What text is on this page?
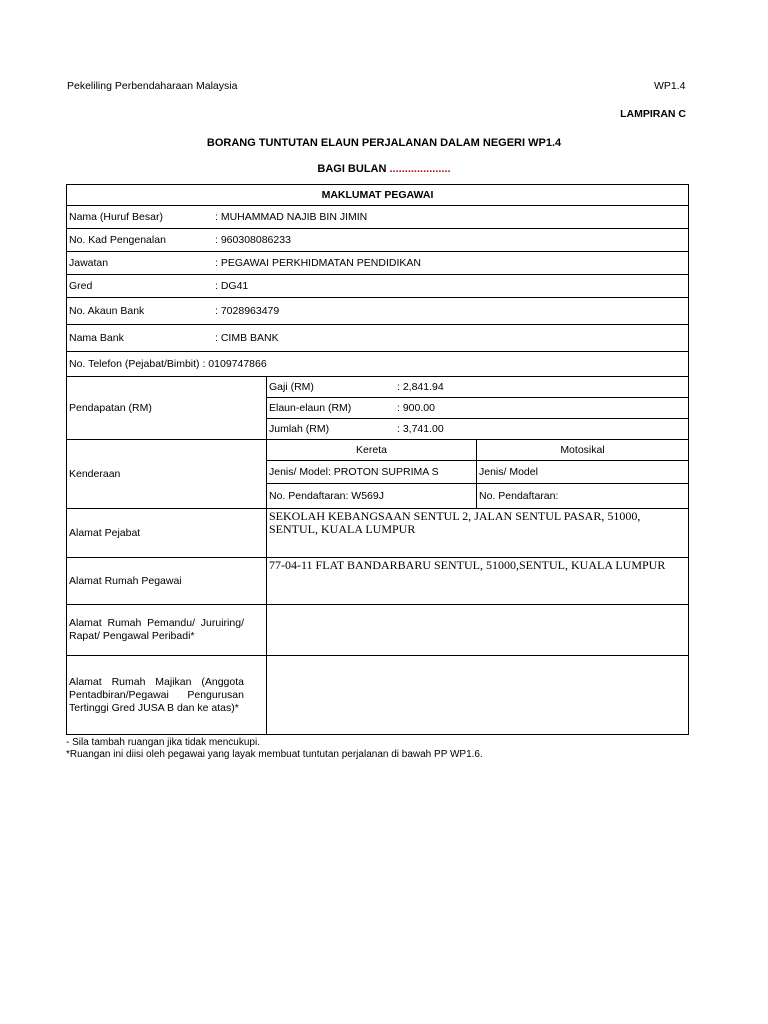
Pekeliling Perbendaharaan Malaysia	WP1.4
LAMPIRAN C
BORANG TUNTUTAN ELAUN PERJALANAN DALAM NEGERI WP1.4
BAGI BULAN ....................
MAKLUMAT PEGAWAI		
Nama (Huruf Besar) : MUHAMMAD NAJIB BIN JIMIN		
No. Kad Pengenalan : 960308086233		
Jawatan : PEGAWAI PERKHIDMATAN PENDIDIKAN		
Gred : DG41		
No. Akaun Bank : 7028963479		
Nama Bank : CIMB BANK		
No. Telefon (Pejabat/Bimbit) : 0109747866		
Pendapatan (RM)	Gaji (RM) : 2,841.94	
	Elaun-elaun (RM) : 900.00	
	Jumlah (RM) : 3,741.00	
Kenderaan	Kereta	Motosikal
	Jenis/ Model: PROTON SUPRIMA S	Jenis/ Model
	No. Pendaftaran: W569J	No. Pendaftaran:
Alamat Pejabat	SEKOLAH KEBANGSAAN SENTUL 2, JALAN SENTUL PASAR, 51000, SENTUL, KUALA LUMPUR	
Alamat Rumah Pegawai	77-04-11 FLAT BANDARBARU SENTUL, 51000,SENTUL, KUALA LUMPUR	
Alamat Rumah Pemandu/ Juruiring/ Rapat/ Pengawal Peribadi*		
Alamat Rumah Majikan (Anggota Pentadbiran/Pegawai Pengurusan Tertinggi Gred JUSA B dan ke atas)*		
- Sila tambah ruangan jika tidak mencukupi.
*Ruangan ini diisi oleh pegawai yang layak membuat tuntutan perjalanan di bawah PP WP1.6.
